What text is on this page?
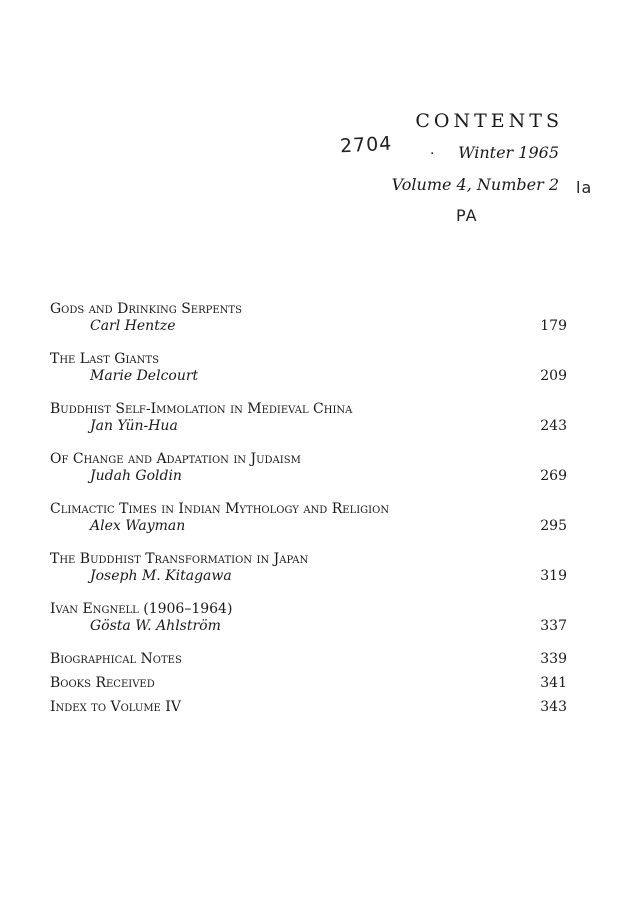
CONTENTS
Winter 1965
Volume 4, Number 2
2704	.
PA
la
Gods and Drinking Serpents
Carl Hentze	179
The Last Giants
Marie Delcourt	209
Buddhist Self-Immolation in Medieval China
Jan Yün-Hua	243
Of Change and Adaptation in Judaism
Judah Goldin	269
Climactic Times in Indian Mythology and Religion
Alex Wayman	295
The Buddhist Transformation in Japan
Joseph M. Kitagawa	319
Ivan Engnell (1906–1964)
Gösta W. Ahlström	337
Biographical Notes	339
Books Received	341
Index to Volume IV	343
